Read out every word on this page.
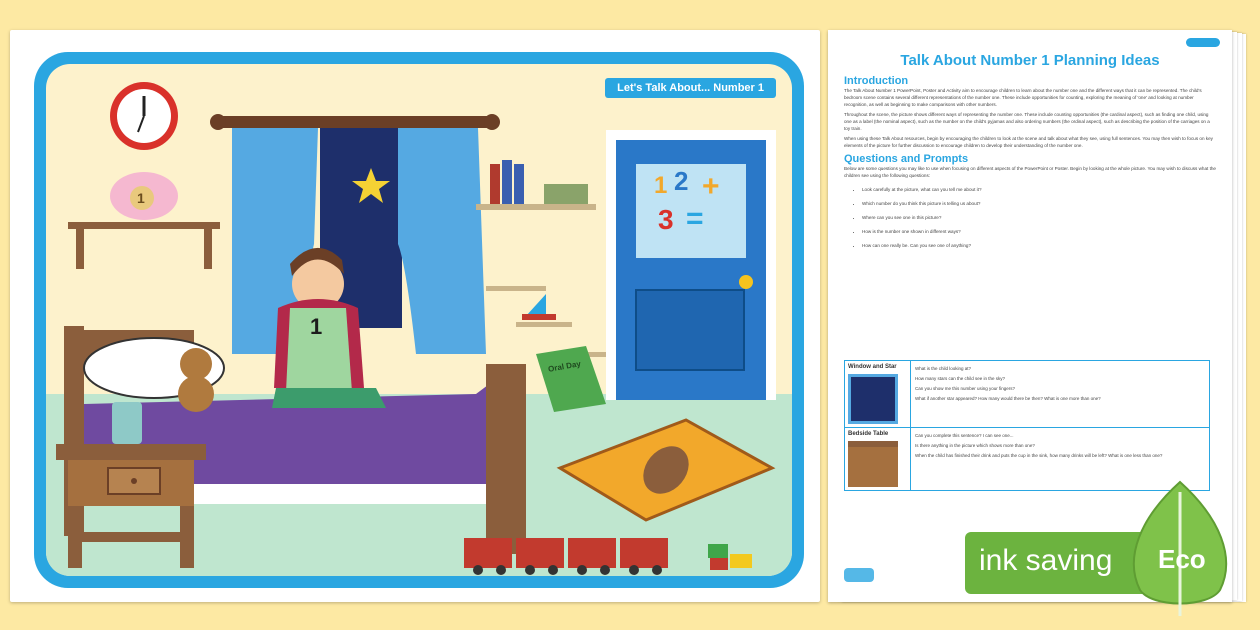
Let's Talk About... Number 1
1
1
1 2 +
3 =
Oral Day
Talk About Number 1 Planning Ideas
Introduction

The Talk About Number 1 PowerPoint, Poster and Activity aim to encourage children to learn about the number one and the different ways that it can be represented. The child's bedroom scene contains several different representations of the number one. These include opportunities for counting, exploring the meaning of 'one' and looking at number recognition, as well as beginning to make comparisons with other numbers.

Throughout the scene, the picture shows different ways of representing the number one. These include counting opportunities (the cardinal aspect), such as finding one child, using one as a label (the nominal aspect), such as the number on the child's pyjamas and also ordering numbers (the ordinal aspect), such as describing the position of the carriages on a toy train.

When using these Talk About resources, begin by encouraging the children to look at the scene and talk about what they see, using full sentences. You may then wish to focus on key elements of the picture for further discussion to encourage children to develop their understanding of the number one.

Questions and Prompts

Below are some questions you may like to use when focusing on different aspects of the PowerPoint or Poster. Begin by looking at the whole picture. You may wish to discuss what the children see using the following questions:

• Look carefully at the picture, what can you tell me about it?
• Which number do you think this picture is telling us about?
• Where can you see one in this picture?
• How is the number one shown in different ways?
• How can one really be. Can you see one of anything?
Window and Star	What is the child looking at?
How many stars can the child see in the sky?
Can you show me this number using your fingers?
What if another star appeared? How many would there be then? What is one more than one?
Bedside Table	Can you complete this sentence? I can see one...
Is there anything in the picture which shows more than one?
When the child has finished their drink and puts the cup in the sink, how many drinks will be left? What is one less than one?
ink saving Eco
